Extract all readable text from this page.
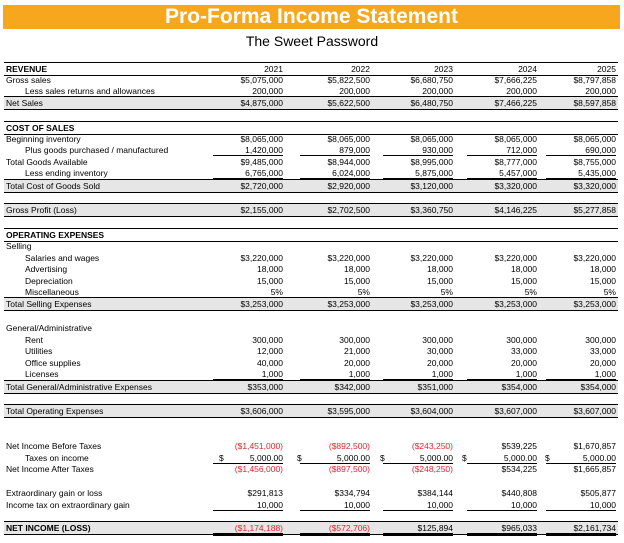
Pro-Forma Income Statement
The Sweet Password
REVENUE	2021	2022	2023	2024	2025
Gross sales	$5,075,000	$5,822,500	$6,680,750	$7,666,225	$8,797,858
Less sales returns and allowances	200,000	200,000	200,000	200,000	200,000
Net Sales	$4,875,000	$5,622,500	$6,480,750	$7,466,225	$8,597,858
COST OF SALES
Beginning inventory	$8,065,000	$8,065,000	$8,065,000	$8,065,000	$8,065,000
Plus goods purchased / manufactured	1,420,000	879,000	930,000	712,000	690,000
Total Goods Available	$9,485,000	$8,944,000	$8,995,000	$8,777,000	$8,755,000
Less ending inventory	6,765,000	6,024,000	5,875,000	5,457,000	5,435,000
Total Cost of Goods Sold	$2,720,000	$2,920,000	$3,120,000	$3,320,000	$3,320,000
Gross Profit (Loss)	$2,155,000	$2,702,500	$3,360,750	$4,146,225	$5,277,858
OPERATING EXPENSES
Selling
Salaries and wages	$3,220,000	$3,220,000	$3,220,000	$3,220,000	$3,220,000
Advertising	18,000	18,000	18,000	18,000	18,000
Depreciation	15,000	15,000	15,000	15,000	15,000
Miscellaneous	5%	5%	5%	5%	5%
Total Selling Expenses	$3,253,000	$3,253,000	$3,253,000	$3,253,000	$3,253,000
General/Administrative
Rent	300,000	300,000	300,000	300,000	300,000
Utilities	12,000	21,000	30,000	33,000	33,000
Office supplies	40,000	20,000	20,000	20,000	20,000
Licenses	1,000	1,000	1,000	1,000	1,000
Total General/Administrative Expenses	$353,000	$342,000	$351,000	$354,000	$354,000
Total Operating Expenses	$3,606,000	$3,595,000	$3,604,000	$3,607,000	$3,607,000
Net Income Before Taxes	($1,451,000)	($892,500)	($243,250)	$539,225	$1,670,857
Taxes on income	$	5,000.00 $	5,000.00 $	5,000.00 $	5,000.00 $	5,000.00
Net Income After Taxes	($1,456,000)	($897,500)	($248,250)	$534,225	$1,665,857
Extraordinary gain or loss	$291,813	$334,794	$384,144	$440,808	$505,877
Income tax on extraordinary gain	10,000	10,000	10,000	10,000	10,000
NET INCOME (LOSS)	($1,174,188)	($572,706)	$125,894	$965,033	$2,161,734
